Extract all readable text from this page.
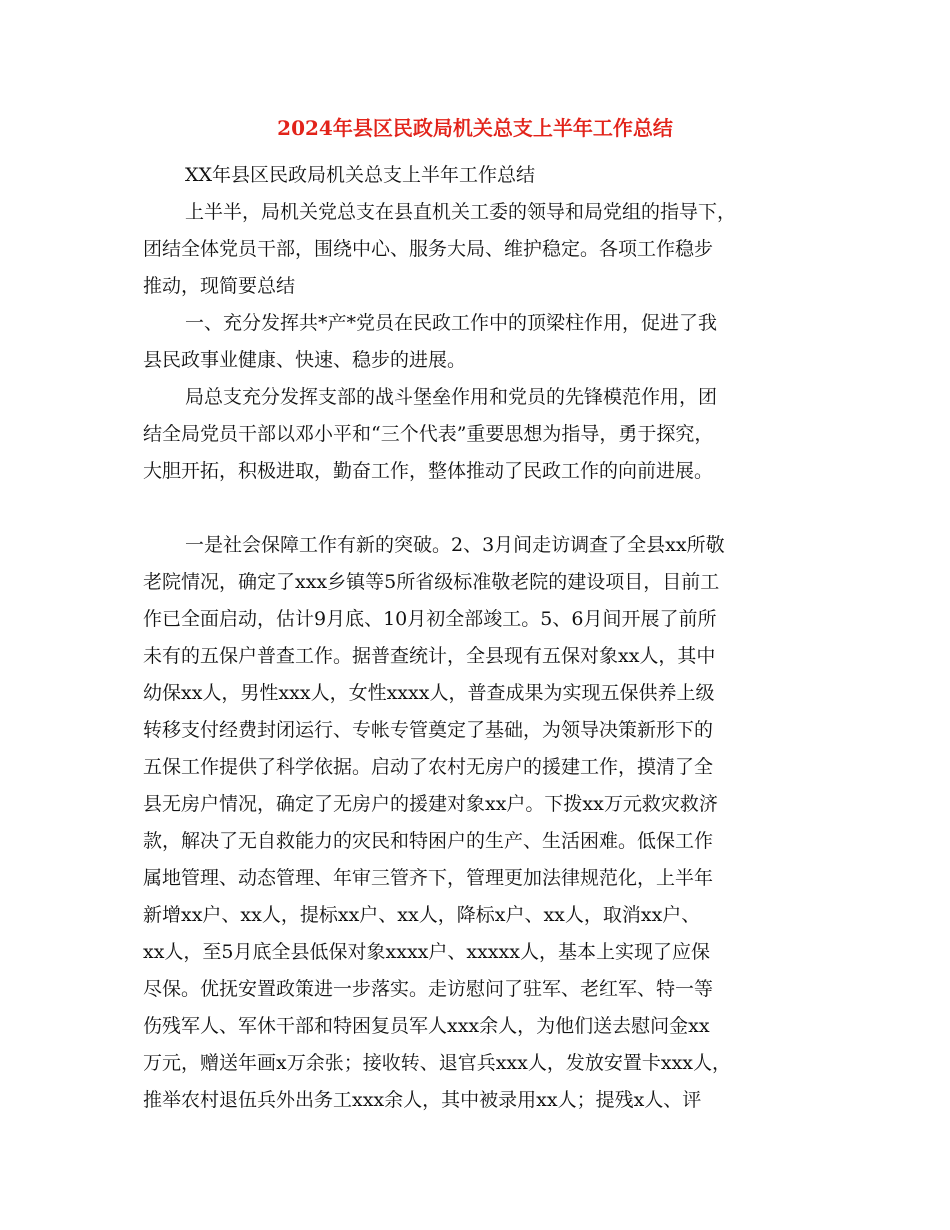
2024年县区民政局机关总支上半年工作总结

XX年县区民政局机关总支上半年工作总结

上半半，局机关党总支在县直机关工委的领导和局党组的指导下，

团结全体党员干部，围绕中心、服务大局、维护稳定。各项工作稳步

推动，现简要总结

一、充分发挥共*产*党员在民政工作中的顶梁柱作用，促进了我

县民政事业健康、快速、稳步的进展。

局总支充分发挥支部的战斗堡垒作用和党员的先锋模范作用，团

结全局党员干部以邓小平和“三个代表”重要思想为指导，勇于探究，

大胆开拓，积极进取，勤奋工作，整体推动了民政工作的向前进展。

一是社会保障工作有新的突破。2、3月间走访调查了全县xx所敬

老院情况，确定了xxx乡镇等5所省级标准敬老院的建设项目，目前工

作已全面启动，估计9月底、10月初全部竣工。5、6月间开展了前所

未有的五保户普查工作。据普查统计，全县现有五保对象xx人，其中

幼保xx人，男性xxx人，女性xxxx人，普查成果为实现五保供养上级

转移支付经费封闭运行、专帐专管奠定了基础，为领导决策新形下的

五保工作提供了科学依据。启动了农村无房户的援建工作，摸清了全

县无房户情况，确定了无房户的援建对象xx户。下拨xx万元救灾救济

款，解决了无自救能力的灾民和特困户的生产、生活困难。低保工作

属地管理、动态管理、年审三管齐下，管理更加法律规范化，上半年

新增xx户、xx人，提标xx户、xx人，降标x户、xx人，取消xx户、

xx人，至5月底全县低保对象xxxx户、xxxxx人，基本上实现了应保

尽保。优抚安置政策进一步落实。走访慰问了驻军、老红军、特一等

伤残军人、军休干部和特困复员军人xxx余人，为他们送去慰问金xx

万元，赠送年画x万余张；接收转、退官兵xxx人，发放安置卡xxx人，

推举农村退伍兵外出务工xxx余人，其中被录用xx人；提残x人、评
